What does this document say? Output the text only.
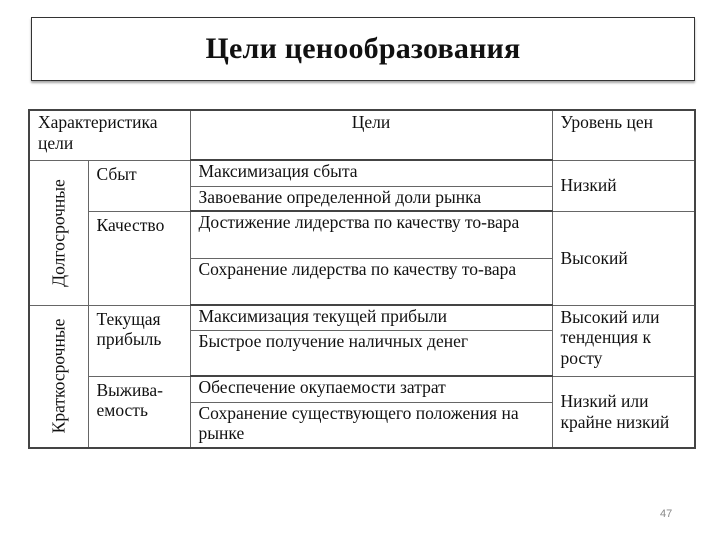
Цели ценообразования
Характеристика цели		Цели	Уровень цен

Долгосрочные	Сбыт	Максимизация сбыта	Низкий
		Завоевание определенной доли рынка	
	Качество	Достижение лидерства по качеству то-вара	Высокий
		Сохранение лидерства по качеству то-вара	

Краткосрочные	Текущая прибыль	Максимизация текущей прибыли	Высокий или тенденция к росту
		Быстрое получение наличных денег	
	Выжива-емость	Обеспечение окупаемости затрат	Низкий или крайне низкий
		Сохранение существующего положения на рынке	
47
